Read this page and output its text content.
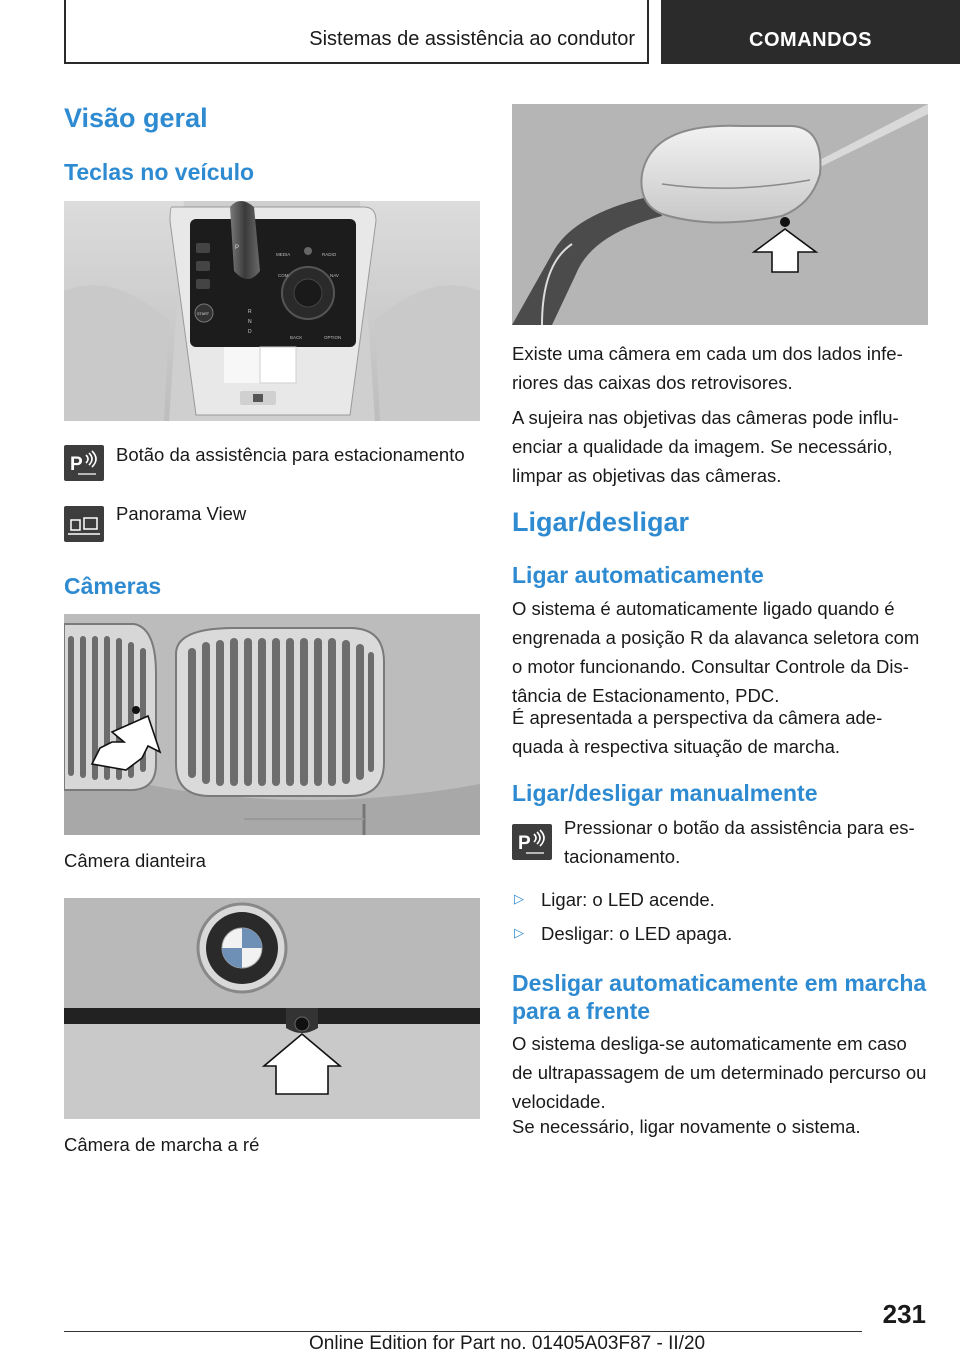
Sistemas de assistência ao condutor	COMANDOS
Visão geral
Teclas no veículo
MEDIA	RADIO
COM	NAV
BACK	OPTION
START
P
R
N
D
P Botão da assistência para estacionamento
Panorama View
Câmeras
Câmera dianteira
Câmera de marcha a ré
Existe uma câmera em cada um dos lados infe-riores das caixas dos retrovisores.
A sujeira nas objetivas das câmeras pode influ-enciar a qualidade da imagem. Se necessário, limpar as objetivas das câmeras.
Ligar/desligar
Ligar automaticamente
O sistema é automaticamente ligado quando é engrenada a posição R da alavanca seletora com o motor funcionando. Consultar Controle da Dis-tância de Estacionamento, PDC.
É apresentada a perspectiva da câmera ade-quada à respectiva situação de marcha.
Ligar/desligar manualmente
P
Pressionar o botão da assistência para es-tacionamento.
▷ Ligar: o LED acende.
▷ Desligar: o LED apaga.
Desligar automaticamente em marcha para a frente
O sistema desliga-se automaticamente em caso de ultrapassagem de um determinado percurso ou velocidade.
Se necessário, ligar novamente o sistema.
231
Online Edition for Part no. 01405A03F87 - II/20
